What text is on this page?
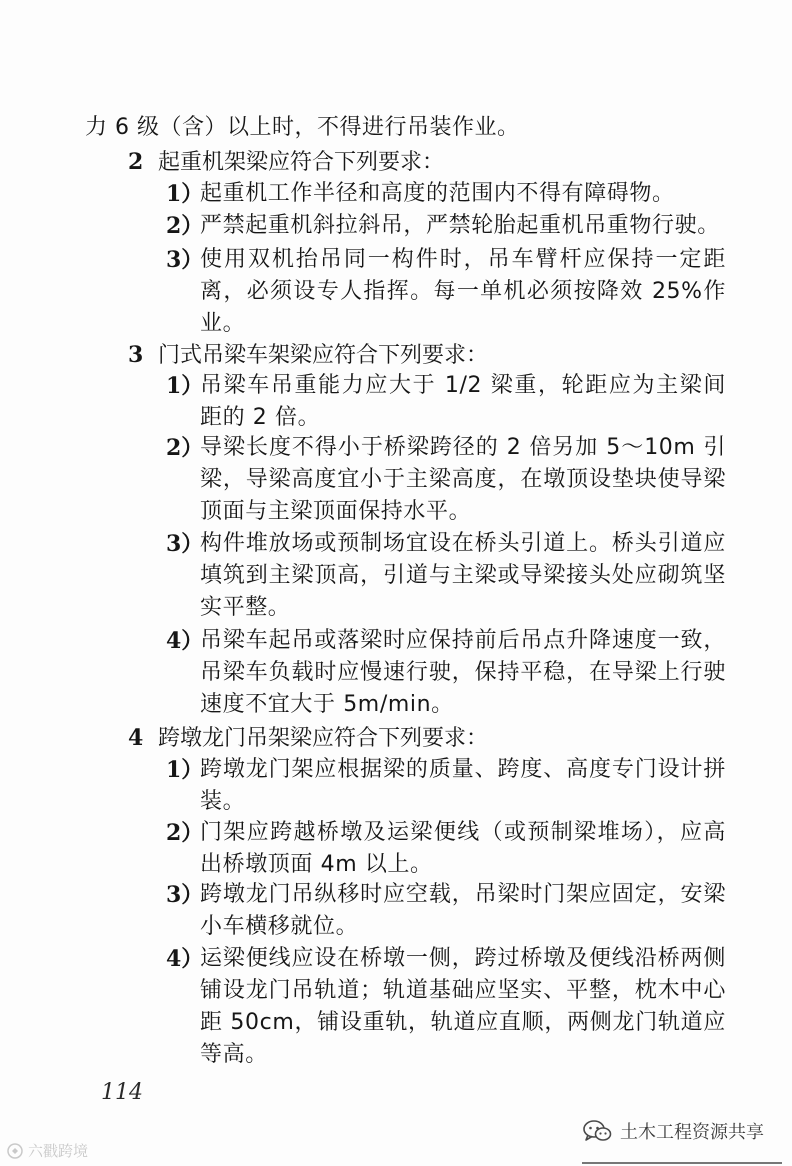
力 6 级（含）以上时，不得进行吊装作业。
2 起重机架梁应符合下列要求：
1）
起重机工作半径和高度的范围内不得有障碍物。
2）
严禁起重机斜拉斜吊，严禁轮胎起重机吊重物行驶。
3）
使用双机抬吊同一构件时，吊车臂杆应保持一定距离，必须设专人指挥。每一单机必须按降效 25%作业。
3 门式吊梁车架梁应符合下列要求：
1）
吊梁车吊重能力应大于 1/2 梁重，轮距应为主梁间距的 2 倍。
2）
导梁长度不得小于桥梁跨径的 2 倍另加 5～10m 引梁，导梁高度宜小于主梁高度，在墩顶设垫块使导梁顶面与主梁顶面保持水平。
3）
构件堆放场或预制场宜设在桥头引道上。桥头引道应填筑到主梁顶高，引道与主梁或导梁接头处应砌筑坚实平整。
4）
吊梁车起吊或落梁时应保持前后吊点升降速度一致，吊梁车负载时应慢速行驶，保持平稳，在导梁上行驶速度不宜大于 5m/min。
4 跨墩龙门吊架梁应符合下列要求：
1）
跨墩龙门架应根据梁的质量、跨度、高度专门设计拼装。
2）
门架应跨越桥墩及运梁便线（或预制梁堆场），应高出桥墩顶面 4m 以上。
3）
跨墩龙门吊纵移时应空载，吊梁时门架应固定，安梁小车横移就位。
4）
运梁便线应设在桥墩一侧，跨过桥墩及便线沿桥两侧铺设龙门吊轨道；轨道基础应坚实、平整，枕木中心距 50cm，铺设重轨，轨道应直顺，两侧龙门轨道应等高。
114
六戳跨境
土木工程资源共享
